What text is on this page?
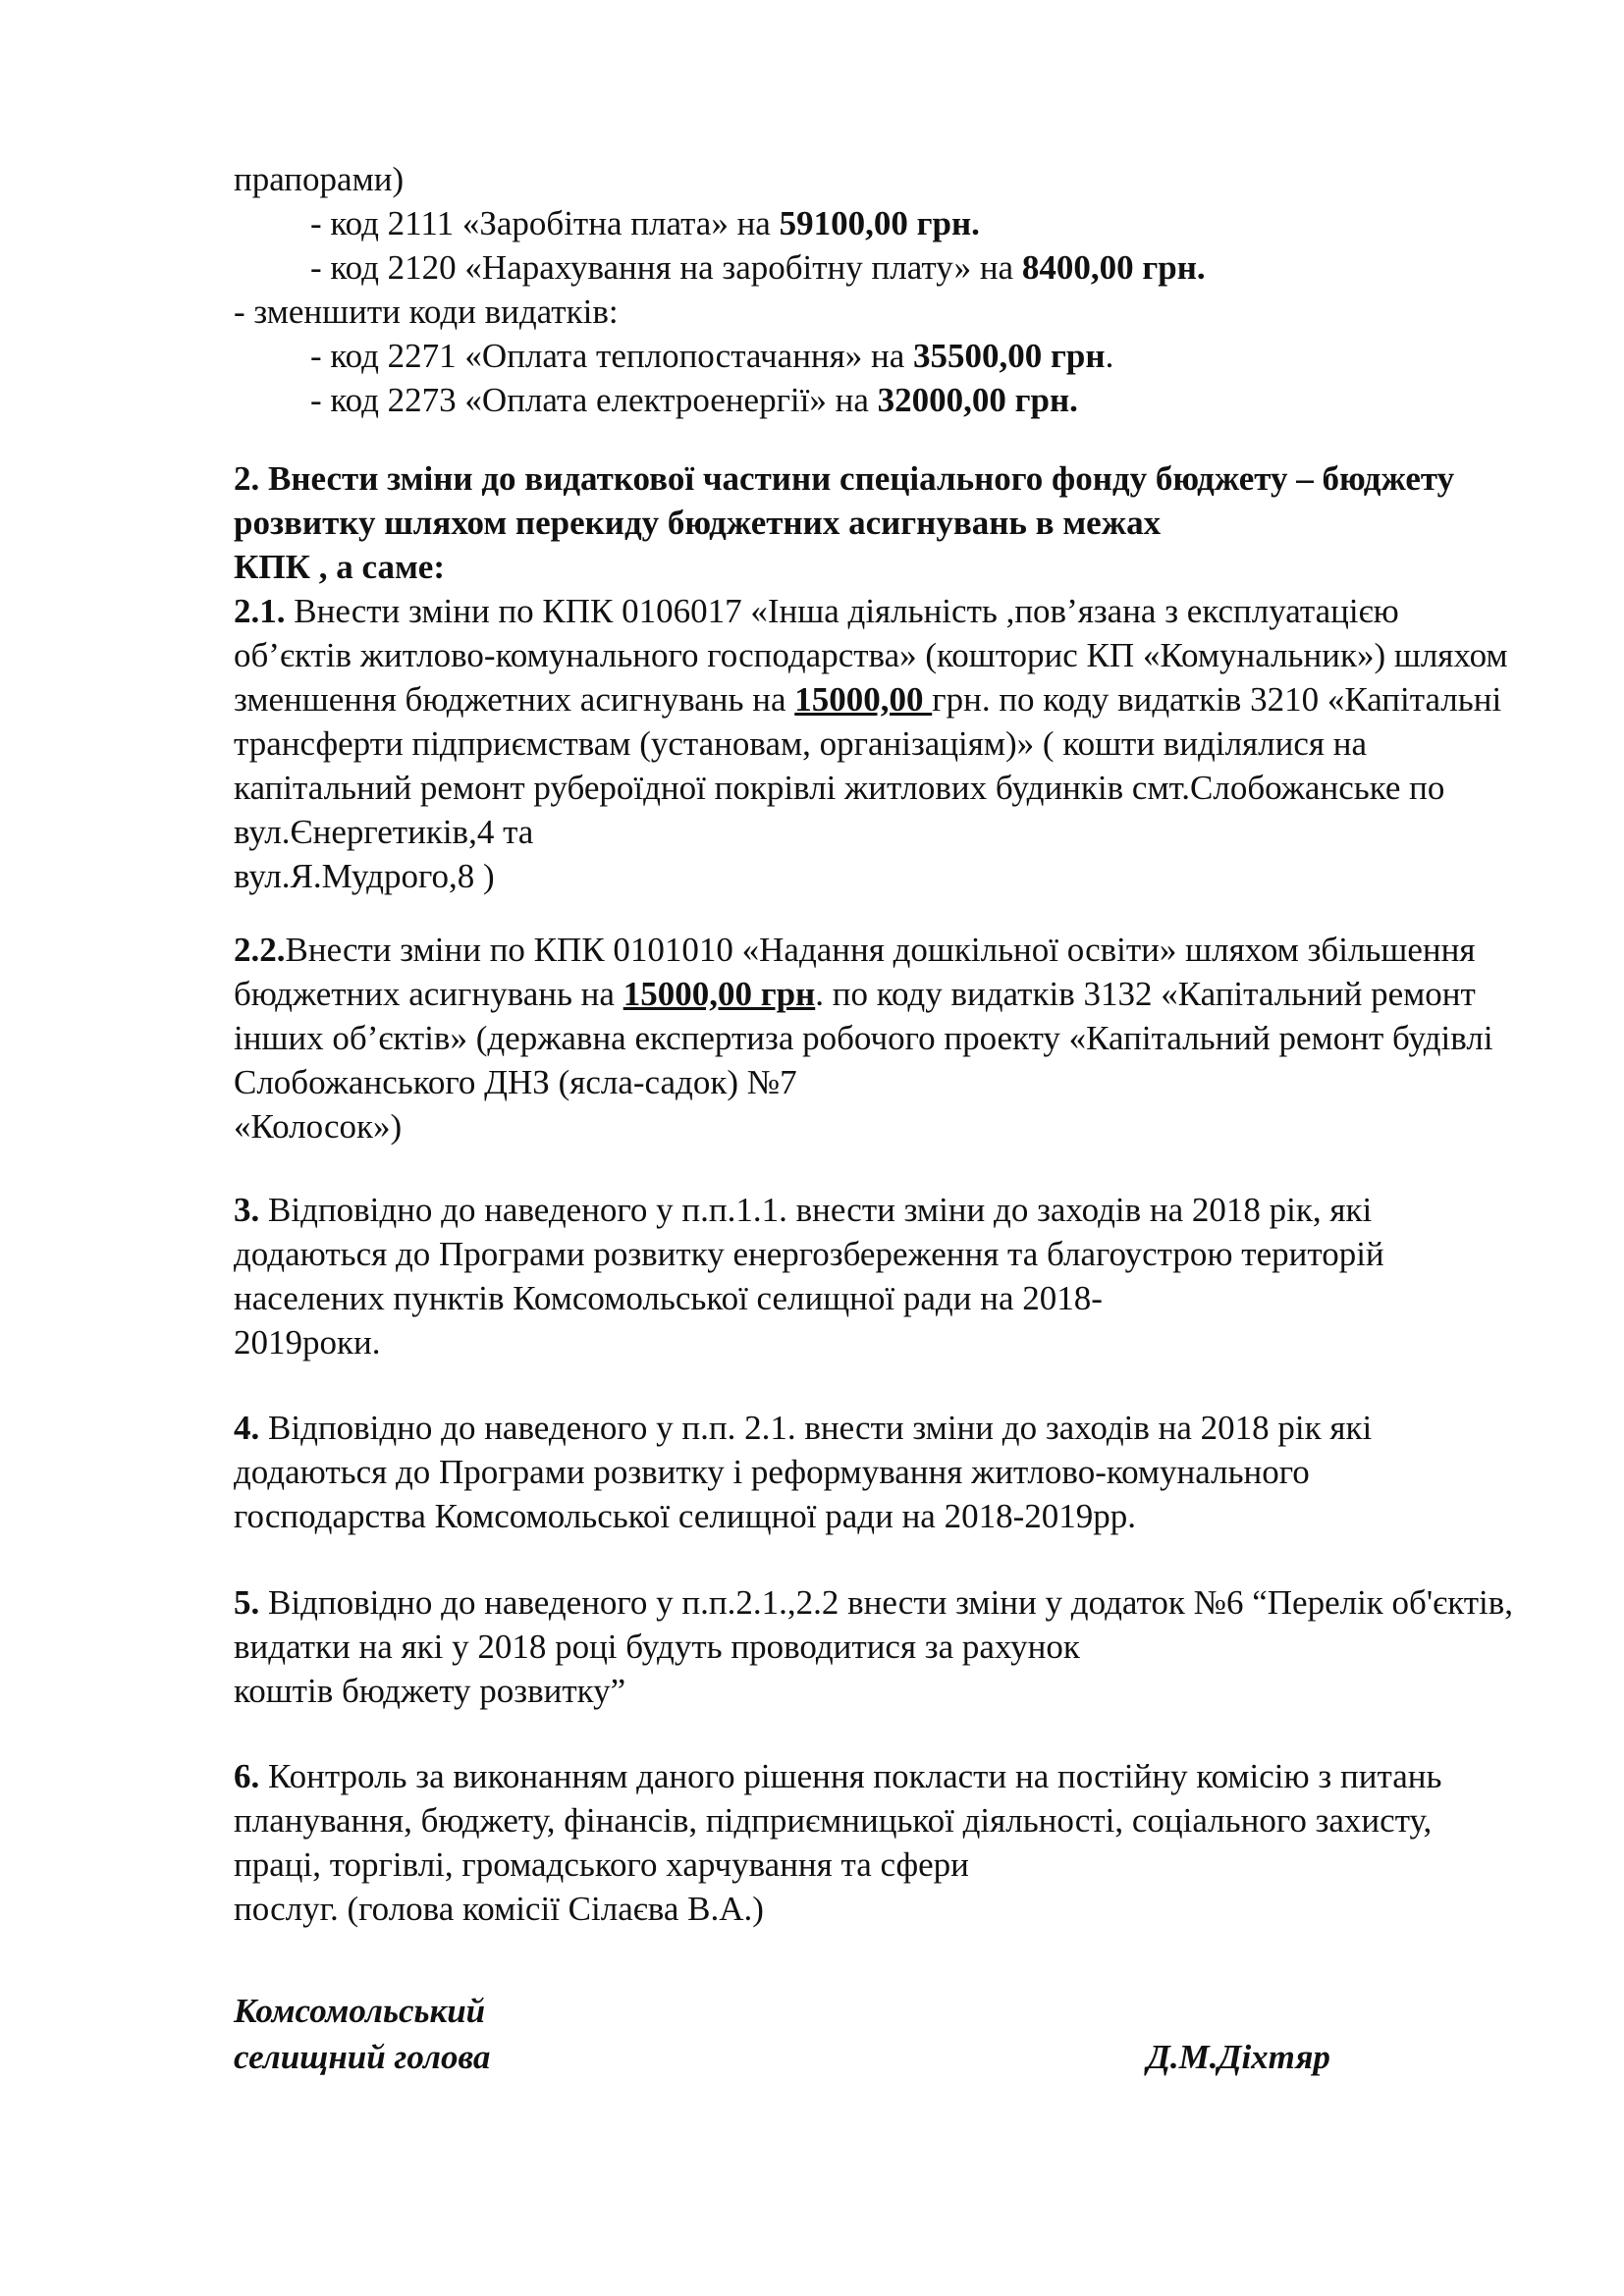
прапорами)
- код 2111 «Заробітна плата» на 59100,00 грн.
- код 2120 «Нарахування на заробітну плату» на 8400,00 грн.
- зменшити коди видатків:
- код 2271 «Оплата теплопостачання» на 35500,00 грн.
- код 2273 «Оплата електроенергії» на 32000,00 грн.
2. Внести зміни до видаткової частини спеціального фонду бюджету – бюджету розвитку шляхом перекиду бюджетних асигнувань в межах
КПК , а саме:
2.1. Внести зміни по КПК 0106017 «Інша діяльність ,пов’язана з експлуатацією об’єктів житлово-комунального господарства» (кошторис КП «Комунальник») шляхом зменшення бюджетних асигнувань на 15000,00 грн. по коду видатків 3210 «Капітальні трансферти підприємствам (установам, організаціям)» ( кошти виділялися на капітальний ремонт рубероїдної покрівлі житлових будинків смт.Слобожанське по вул.Єнергетиків,4 та
вул.Я.Мудрого,8 )
2.2.Внести зміни по КПК 0101010 «Надання дошкільної освіти» шляхом збільшення бюджетних асигнувань на 15000,00 грн. по коду видатків 3132 «Капітальний ремонт інших об’єктів» (державна експертиза робочого проекту «Капітальний ремонт будівлі Слобожанського ДНЗ (ясла-садок) №7
«Колосок»)
3. Відповідно до наведеного у п.п.1.1. внести зміни до заходів на 2018 рік, які додаються до Програми розвитку енергозбереження та благоустрою територій населених пунктів Комсомольської селищної ради на 2018-
2019роки.
4. Відповідно до наведеного у п.п. 2.1. внести зміни до заходів на 2018 рік які додаються до Програми розвитку і реформування житлово-комунального
господарства Комсомольської селищної ради на 2018-2019рр.
5. Відповідно до наведеного у п.п.2.1.,2.2 внести зміни у додаток №6 “Перелік об'єктів, видатки на які у 2018 році будуть проводитися за рахунок
коштів бюджету розвитку”
6. Контроль за виконанням даного рішення покласти на постійну комісію з питань планування, бюджету, фінансів, підприємницької діяльності, соціального захисту, праці, торгівлі, громадського харчування та сфери
послуг. (голова комісії Сілаєва В.А.)
Комсомольський
селищний голова	Д.М.Діхтяр
